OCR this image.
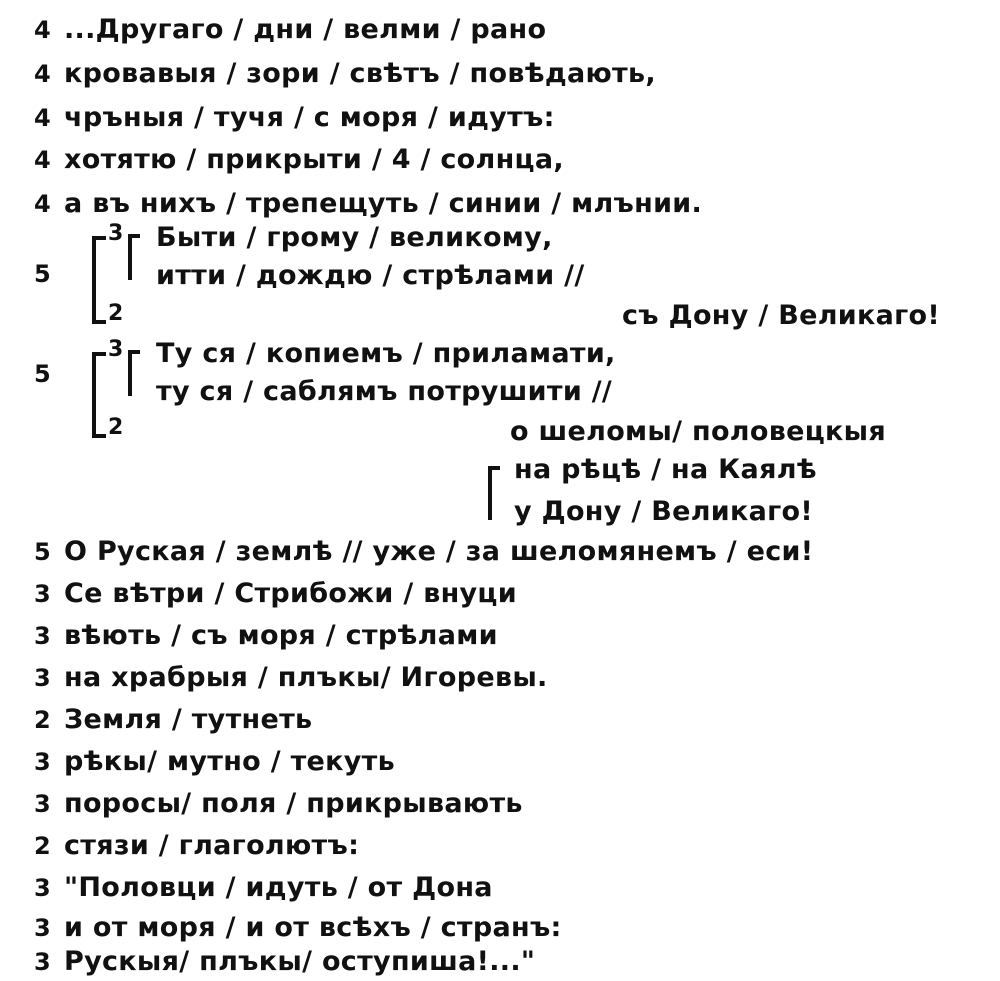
4 ...Другаго / дни / велми / рано
4 кровавыя / зори / свѣтъ / повѣдають,
4 чръныя / тучя / с моря / идутъ:
4 хотятю / прикрыти / 4 / солнца,
4 а въ нихъ / трепещуть / синии / млънии.
5
3
2
Быти / грому / великому,
итти / дождю / стрѣлами //
съ Дону / Великаго!
5
3
2
Ту ся / копиемъ / приламати,
ту ся / саблямъ потрушити //
о шеломы/ половецкыя
на рѣцѣ / на Каялѣ
у Дону / Великаго!
5 О Руская / землѣ // уже / за шеломянемъ / еси!
3 Се вѣтри / Стрибожи / внуци
3 вѣють / съ моря / стрѣлами
3 на храбрыя / плъкы/ Игоревы.
2 Земля / тутнеть
3 рѣкы/ мутно / текуть
3 поросы/ поля / прикрывають
2 стязи / глаголютъ:
3 "Половци / идуть / от Дона
3 и от моря / и от всѣхъ / странъ:
3 Рускыя/ плъкы/ оступиша!..."
